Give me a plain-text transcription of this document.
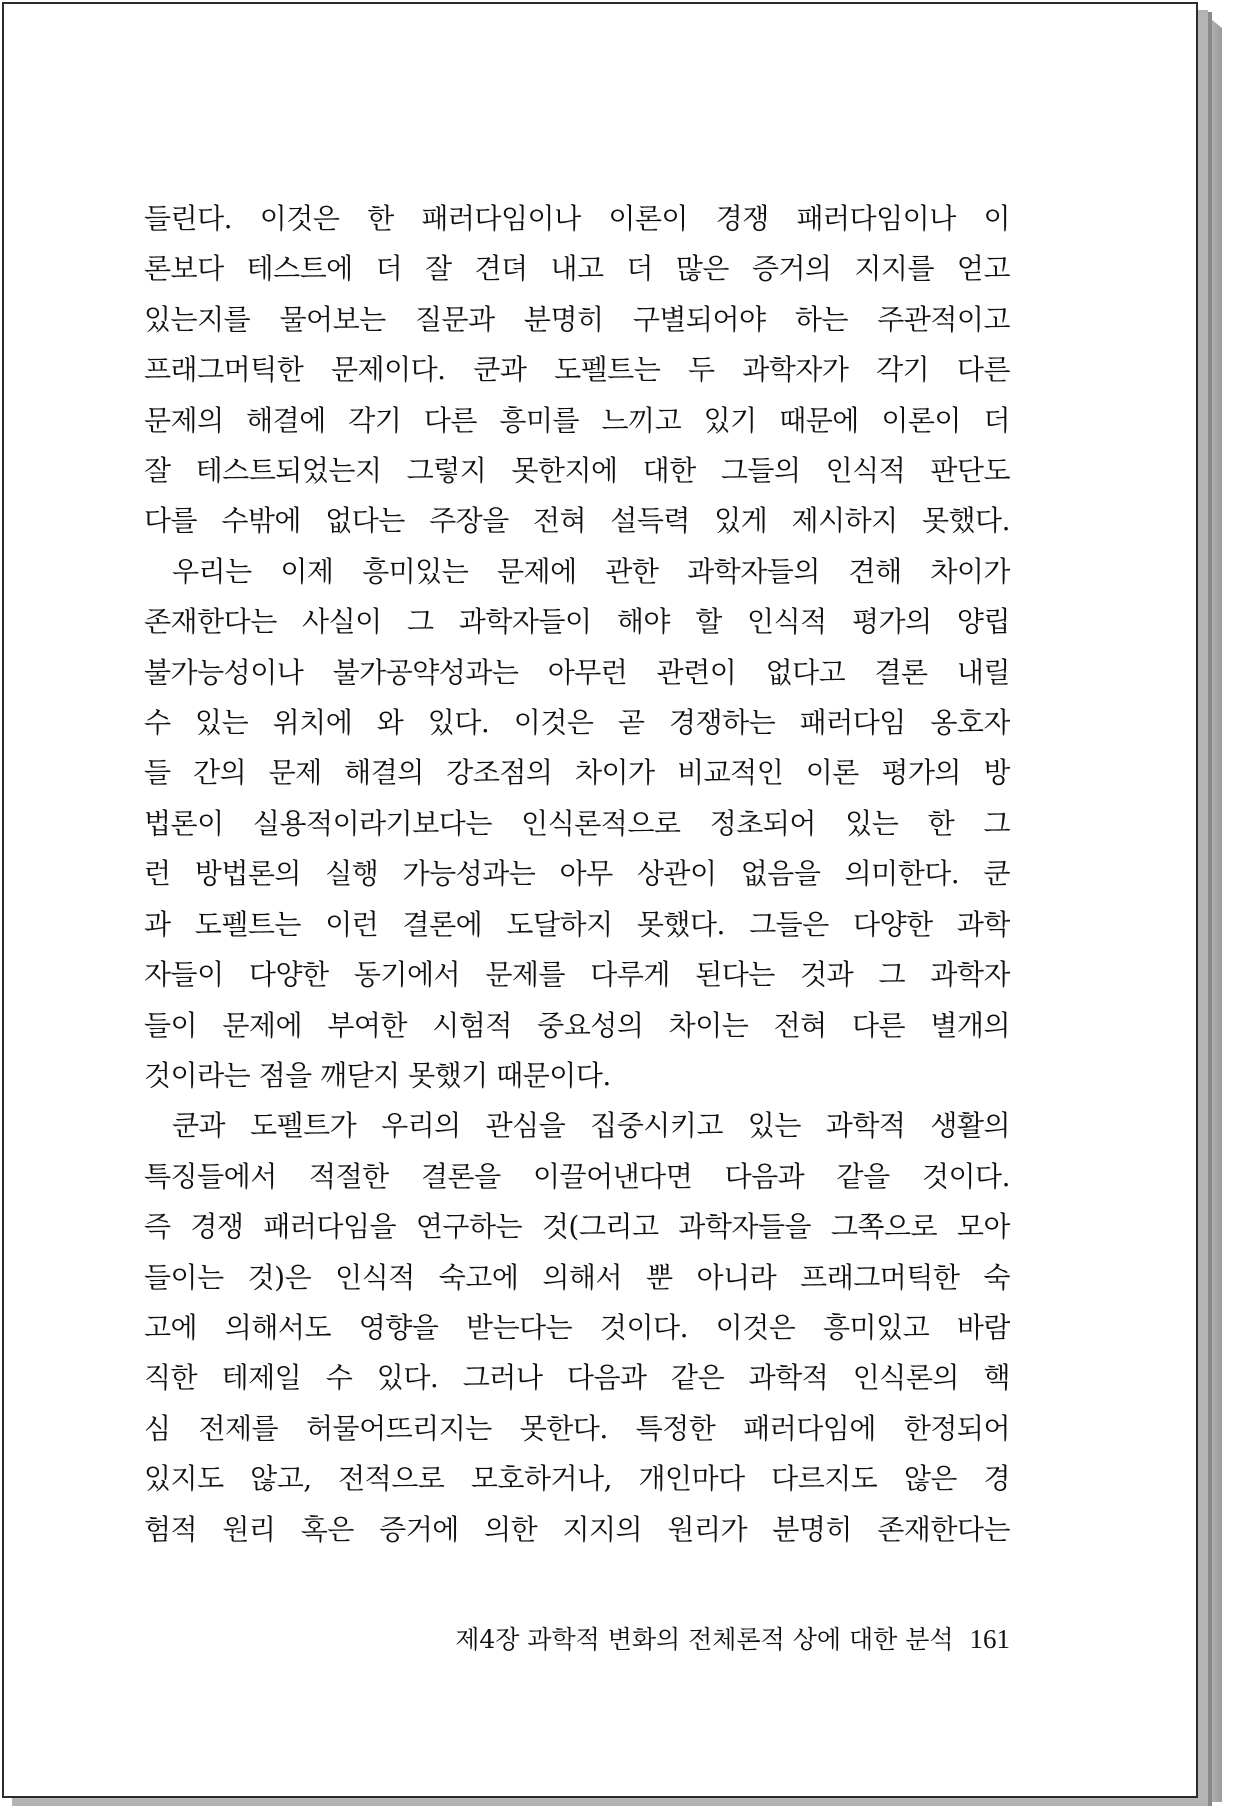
들린다. 이것은 한 패러다임이나 이론이 경쟁 패러다임이나 이
론보다 테스트에 더 잘 견뎌 내고 더 많은 증거의 지지를 얻고
있는지를 물어보는 질문과 분명히 구별되어야 하는 주관적이고
프래그머틱한 문제이다. 쿤과 도펠트는 두 과학자가 각기 다른
문제의 해결에 각기 다른 흥미를 느끼고 있기 때문에 이론이 더
잘 테스트되었는지 그렇지 못한지에 대한 그들의 인식적 판단도
다를 수밖에 없다는 주장을 전혀 설득력 있게 제시하지 못했다.
우리는 이제 흥미있는 문제에 관한 과학자들의 견해 차이가
존재한다는 사실이 그 과학자들이 해야 할 인식적 평가의 양립
불가능성이나 불가공약성과는 아무런 관련이 없다고 결론 내릴
수 있는 위치에 와 있다. 이것은 곧 경쟁하는 패러다임 옹호자
들 간의 문제 해결의 강조점의 차이가 비교적인 이론 평가의 방
법론이 실용적이라기보다는 인식론적으로 정초되어 있는 한 그
런 방법론의 실행 가능성과는 아무 상관이 없음을 의미한다. 쿤
과 도펠트는 이런 결론에 도달하지 못했다. 그들은 다양한 과학
자들이 다양한 동기에서 문제를 다루게 된다는 것과 그 과학자
들이 문제에 부여한 시험적 중요성의 차이는 전혀 다른 별개의
것이라는 점을 깨닫지 못했기 때문이다.
쿤과 도펠트가 우리의 관심을 집중시키고 있는 과학적 생활의
특징들에서 적절한 결론을 이끌어낸다면 다음과 같을 것이다.
즉 경쟁 패러다임을 연구하는 것(그리고 과학자들을 그쪽으로 모아
들이는 것)은 인식적 숙고에 의해서 뿐 아니라 프래그머틱한 숙
고에 의해서도 영향을 받는다는 것이다. 이것은 흥미있고 바람
직한 테제일 수 있다. 그러나 다음과 같은 과학적 인식론의 핵
심 전제를 허물어뜨리지는 못한다. 특정한 패러다임에 한정되어
있지도 않고, 전적으로 모호하거나, 개인마다 다르지도 않은 경
험적 원리 혹은 증거에 의한 지지의 원리가 분명히 존재한다는
제4장 과학적 변화의 전체론적 상에 대한 분석 161
